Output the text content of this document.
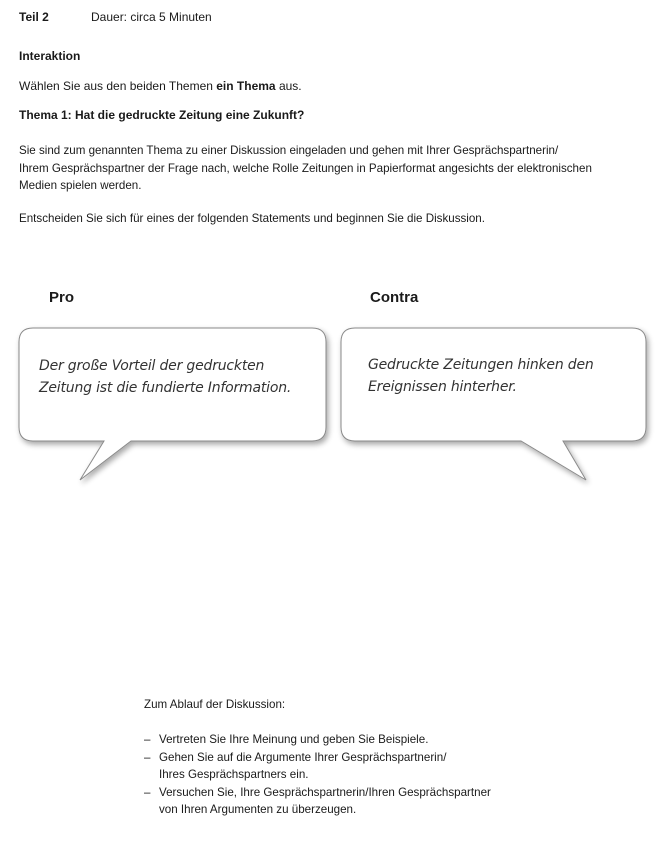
Teil 2	Dauer: circa 5 Minuten
Interaktion
Wählen Sie aus den beiden Themen ein Thema aus.
Thema 1: Hat die gedruckte Zeitung eine Zukunft?
Sie sind zum genannten Thema zu einer Diskussion eingeladen und gehen mit Ihrer Gesprächspartnerin/
Ihrem Gesprächspartner der Frage nach, welche Rolle Zeitungen in Papierformat angesichts der elektronischen
Medien spielen werden.
Entscheiden Sie sich für eines der folgenden Statements und beginnen Sie die Diskussion.
Pro	Contra
Der große Vorteil der gedruckten
Zeitung ist die fundierte Information.
Gedruckte Zeitungen hinken den
Ereignissen hinterher.
Zum Ablauf der Diskussion:
– Vertreten Sie Ihre Meinung und geben Sie Beispiele.
– Gehen Sie auf die Argumente Ihrer Gesprächspartnerin/
Ihres Gesprächspartners ein.
– Versuchen Sie, Ihre Gesprächspartnerin/Ihren Gesprächspartner
von Ihren Argumenten zu überzeugen.
